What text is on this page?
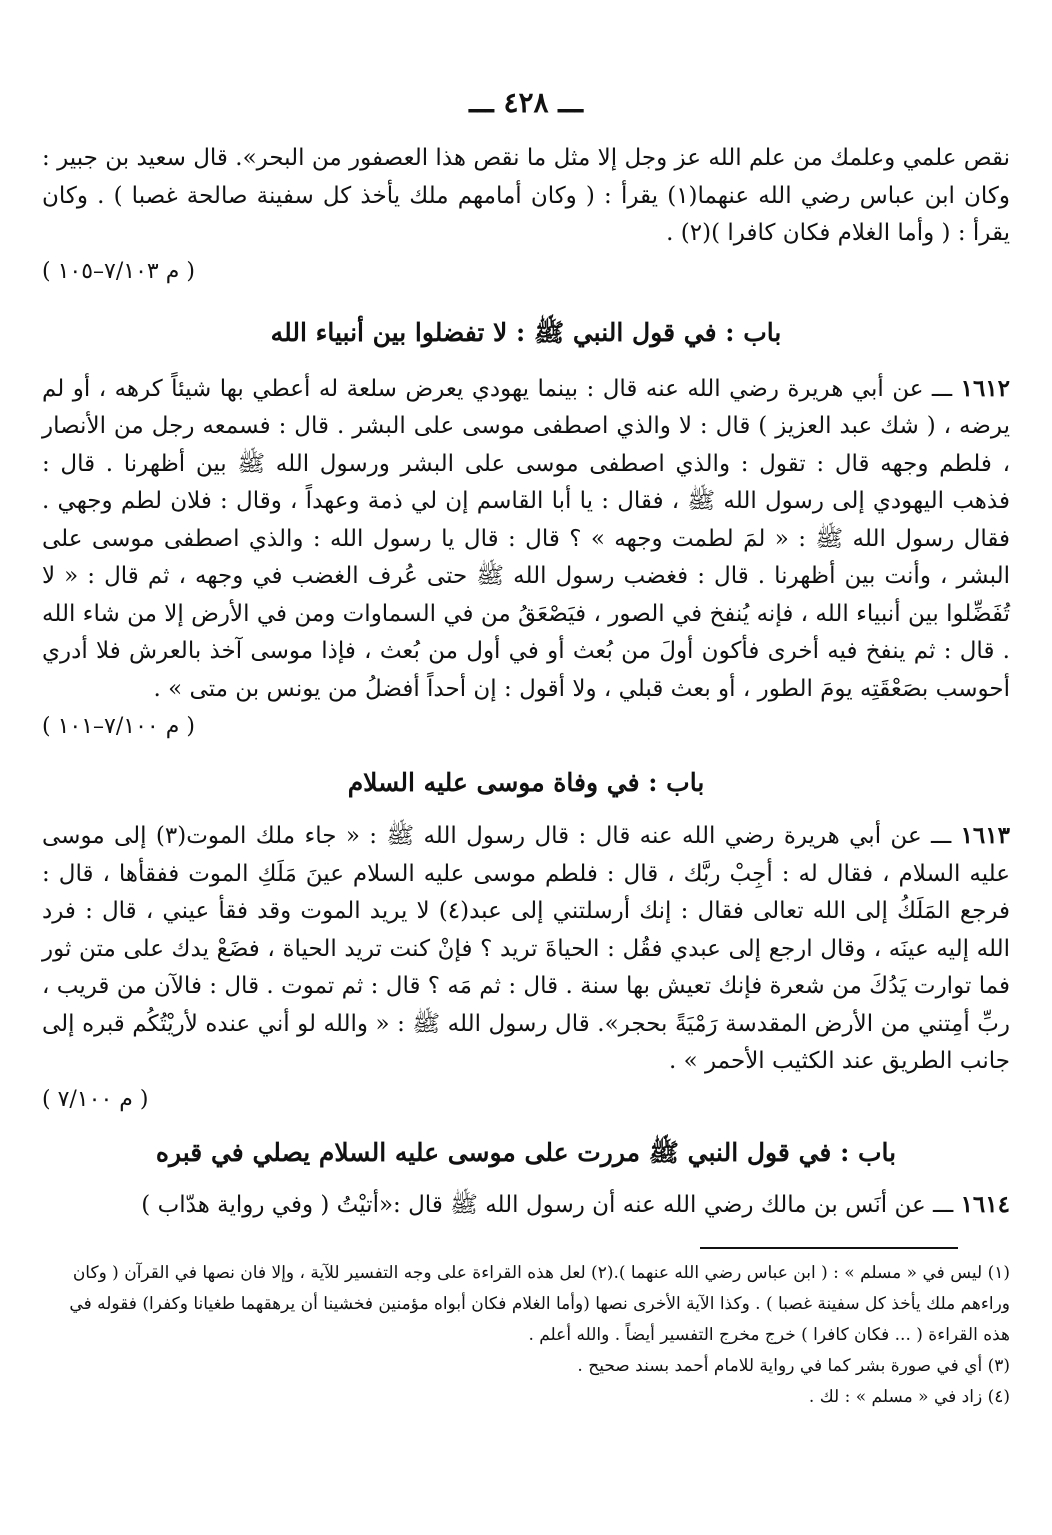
ـــ ٤٢٨ ـــ

نقص علمي وعلمك من علم الله عز وجل إلا مثل ما نقص هذا العصفور من البحر». قال سعيد بن جبير : وكان ابن عباس رضي الله عنهما(١) يقرأ : ( وكان أمامهم ملك يأخذ كل سفينة صالحة غصبا ) . وكان يقرأ : ( وأما الغلام فكان كافرا )(٢) .
( م ٧/١٠٣–١٠٥ )

باب : في قول النبي ﷺ : لا تفضلوا بين أنبياء الله

١٦١٢ ـــ عن أبي هريرة رضي الله عنه قال : بينما يهودي يعرض سلعة له أعطي بها شيئاً كرهه ، أو لم يرضه ، ( شك عبد العزيز ) قال : لا والذي اصطفى موسى على البشر . قال : فسمعه رجل من الأنصار ، فلطم وجهه قال : تقول : والذي اصطفى موسى على البشر ورسول الله ﷺ بين أظهرنا . قال : فذهب اليهودي إلى رسول الله ﷺ ، فقال : يا أبا القاسم إن لي ذمة وعهداً ، وقال : فلان لطم وجهي . فقال رسول الله ﷺ : « لمَ لطمت وجهه » ؟ قال : قال يا رسول الله : والذي اصطفى موسى على البشر ، وأنت بين أظهرنا . قال : فغضب رسول الله ﷺ حتى عُرف الغضب في وجهه ، ثم قال : « لا تُفَضِّلوا بين أنبياء الله ، فإنه يُنفخ في الصور ، فيَصْعَقُ من في السماوات ومن في الأرض إلا من شاء الله . قال : ثم ينفخ فيه أخرى فأكون أولَ من بُعث أو في أول من بُعث ، فإذا موسى آخذ بالعرش فلا أدري أحوسب بصَعْقَتِه يومَ الطور ، أو بعث قبلي ، ولا أقول : إن أحداً أفضلُ من يونس بن متى » .
( م ٧/١٠٠–١٠١ )

باب : في وفاة موسى عليه السلام

١٦١٣ ـــ عن أبي هريرة رضي الله عنه قال : قال رسول الله ﷺ : « جاء ملك الموت(٣) إلى موسى عليه السلام ، فقال له : أجِبْ ربَّك ، قال : فلطم موسى عليه السلام عينَ مَلَكِ الموت ففقأها ، قال : فرجع المَلَكُ إلى الله تعالى فقال : إنك أرسلتني إلى عبد(٤) لا يريد الموت وقد فقأ عيني ، قال : فرد الله إليه عينَه ، وقال ارجع إلى عبدي فقُل : الحياةَ تريد ؟ فإنْ كنت تريد الحياة ، فضَعْ يدك على متن ثور فما توارت يَدُكَ من شعرة فإنك تعيش بها سنة . قال : ثم مَه ؟ قال : ثم تموت . قال : فالآن من قريب ، ربِّ أمِتني من الأرض المقدسة رَمْيَةً بحجر». قال رسول الله ﷺ : « والله لو أني عنده لأريْتُكُم قبره إلى جانب الطريق عند الكثيب الأحمر » .
( م ٧/١٠٠ )

باب : في قول النبي ﷺ مررت على موسى عليه السلام يصلي في قبره

١٦١٤ ـــ عن أنَس بن مالك رضي الله عنه أن رسول الله ﷺ قال :«أتيْتُ ( وفي رواية هدّاب )

(١) ليس في « مسلم » : ( ابن عباس رضي الله عنهما ).(٢) لعل هذه القراءة على وجه التفسير للآية ، وإلا فان نصها في القرآن ( وكان وراءهم ملك يأخذ كل سفينة غصبا ) . وكذا الآية الأخرى نصها (وأما الغلام فكان أبواه مؤمنين فخشينا أن يرهقهما طغيانا وكفرا) فقوله في هذه القراءة ( ... فكان كافرا ) خرج مخرج التفسير أيضاً . والله أعلم .

(٣) أي في صورة بشر كما في رواية للامام أحمد بسند صحيح .

(٤) زاد في « مسلم » : لك .
